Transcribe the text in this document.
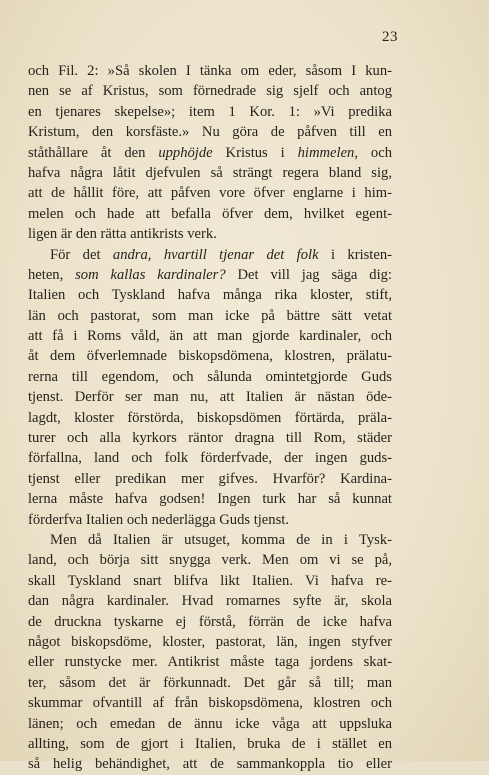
23
och Fil. 2: »Så skolen I tänka om eder, såsom I kun-
nen se af Kristus, som förnedrade sig sjelf och antog
en tjenares skepelse»; item 1 Kor. 1: »Vi predika
Kristum, den korsfäste.» Nu göra de påfven till en
ståthållare åt den upphöjde Kristus i himmelen, och
hafva några låtit djefvulen så strängt regera bland sig,
att de hållit före, att påfven vore öfver englarne i him-
melen och hade att befalla öfver dem, hvilket egent-
ligen är den rätta antikrists verk.
För det andra, hvartill tjenar det folk i kristen-
heten, som kallas kardinaler? Det vill jag säga dig:
Italien och Tyskland hafva många rika kloster, stift,
län och pastorat, som man icke på bättre sätt vetat
att få i Roms våld, än att man gjorde kardinaler, och
åt dem öfverlemnade biskopsdömena, klostren, prälatu-
rerna till egendom, och sålunda omintetgjorde Guds
tjenst. Derför ser man nu, att Italien är nästan öde-
lagdt, kloster förstörda, biskopsdömen förtärda, präla-
turer och alla kyrkors räntor dragna till Rom, städer
förfallna, land och folk förderfvade, der ingen guds-
tjenst eller predikan mer gifves. Hvarför? Kardina-
lerna måste hafva godsen! Ingen turk har så kunnat
förderfva Italien och nederlägga Guds tjenst.
Men då Italien är utsuget, komma de in i Tysk-
land, och börja sitt snygga verk. Men om vi se på,
skall Tyskland snart blifva likt Italien. Vi hafva re-
dan några kardinaler. Hvad romarnes syfte är, skola
de druckna tyskarne ej förstå, förrän de icke hafva
något biskopsdöme, kloster, pastorat, län, ingen styfver
eller runstycke mer. Antikrist måste taga jordens skat-
ter, såsom det är förkunnadt. Det går så till; man
skummar ofvantill af från biskopsdömena, klostren och
länen; och emedan de ännu icke våga att uppsluka
allting, som de gjort i Italien, bruka de i stället en
så helig behändighet, att de sammankoppla tio eller
